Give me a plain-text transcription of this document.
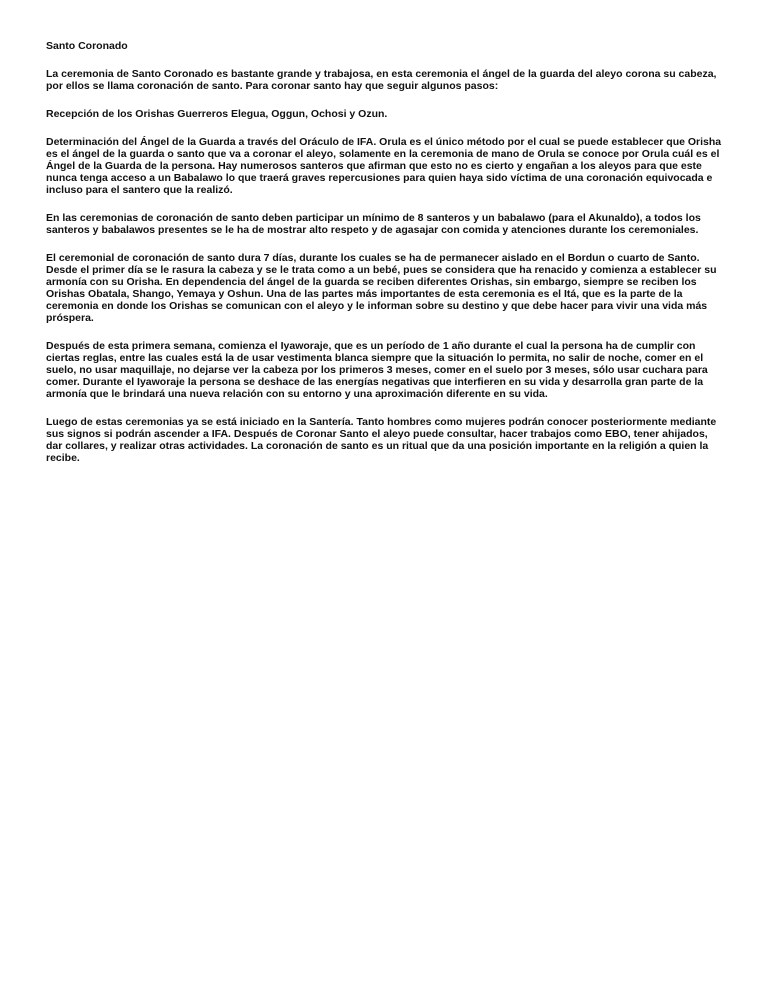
Santo Coronado

La ceremonia de Santo Coronado es bastante grande y trabajosa, en esta ceremonia el ángel de la guarda del aleyo corona su cabeza, por ellos se llama coronación de santo. Para coronar santo hay que seguir algunos pasos:

Recepción de los Orishas Guerreros Elegua, Oggun, Ochosi y Ozun.

Determinación del Ángel de la Guarda a través del Oráculo de IFA. Orula es el único método por el cual se puede establecer que Orisha es el ángel de la guarda o santo que va a coronar el aleyo, solamente en la ceremonia de mano de Orula se conoce por Orula cuál es el Ángel de la Guarda de la persona. Hay numerosos santeros que afirman que esto no es cierto y engañan a los aleyos para que este nunca tenga acceso a un Babalawo lo que traerá graves repercusiones para quien haya sido víctima de una coronación equivocada e incluso para el santero que la realizó.

En las ceremonias de coronación de santo deben participar un mínimo de 8 santeros y un babalawo (para el Akunaldo), a todos los santeros y babalawos presentes se le ha de mostrar alto respeto y de agasajar con comida y atenciones durante los ceremoniales.

El ceremonial de coronación de santo dura 7 días, durante los cuales se ha de permanecer aislado en el Bordun o cuarto de Santo. Desde el primer día se le rasura la cabeza y se le trata como a un bebé, pues se considera que ha renacido y comienza a establecer su armonía con su Orisha. En dependencia del ángel de la guarda se reciben diferentes Orishas, sin embargo, siempre se reciben los Orishas Obatala, Shango, Yemaya y Oshun. Una de las partes más importantes de esta ceremonia es el Itá, que es la parte de la ceremonia en donde los Orishas se comunican con el aleyo y le informan sobre su destino y que debe hacer para vivir una vida más próspera.

Después de esta primera semana, comienza el Iyaworaje, que es un período de 1 año durante el cual la persona ha de cumplir con ciertas reglas, entre las cuales está la de usar vestimenta blanca siempre que la situación lo permita, no salir de noche, comer en el suelo, no usar maquillaje, no dejarse ver la cabeza por los primeros 3 meses, comer en el suelo por 3 meses, sólo usar cuchara para comer. Durante el Iyaworaje la persona se deshace de las energías negativas que interfieren en su vida y desarrolla gran parte de la armonía que le brindará una nueva relación con su entorno y una aproximación diferente en su vida.

Luego de estas ceremonias ya se está iniciado en la Santería. Tanto hombres como mujeres podrán conocer posteriormente mediante sus signos si podrán ascender a IFA. Después de Coronar Santo el aleyo puede consultar, hacer trabajos como EBO, tener ahijados, dar collares, y realizar otras actividades. La coronación de santo es un ritual que da una posición importante en la religión a quien la recibe.
